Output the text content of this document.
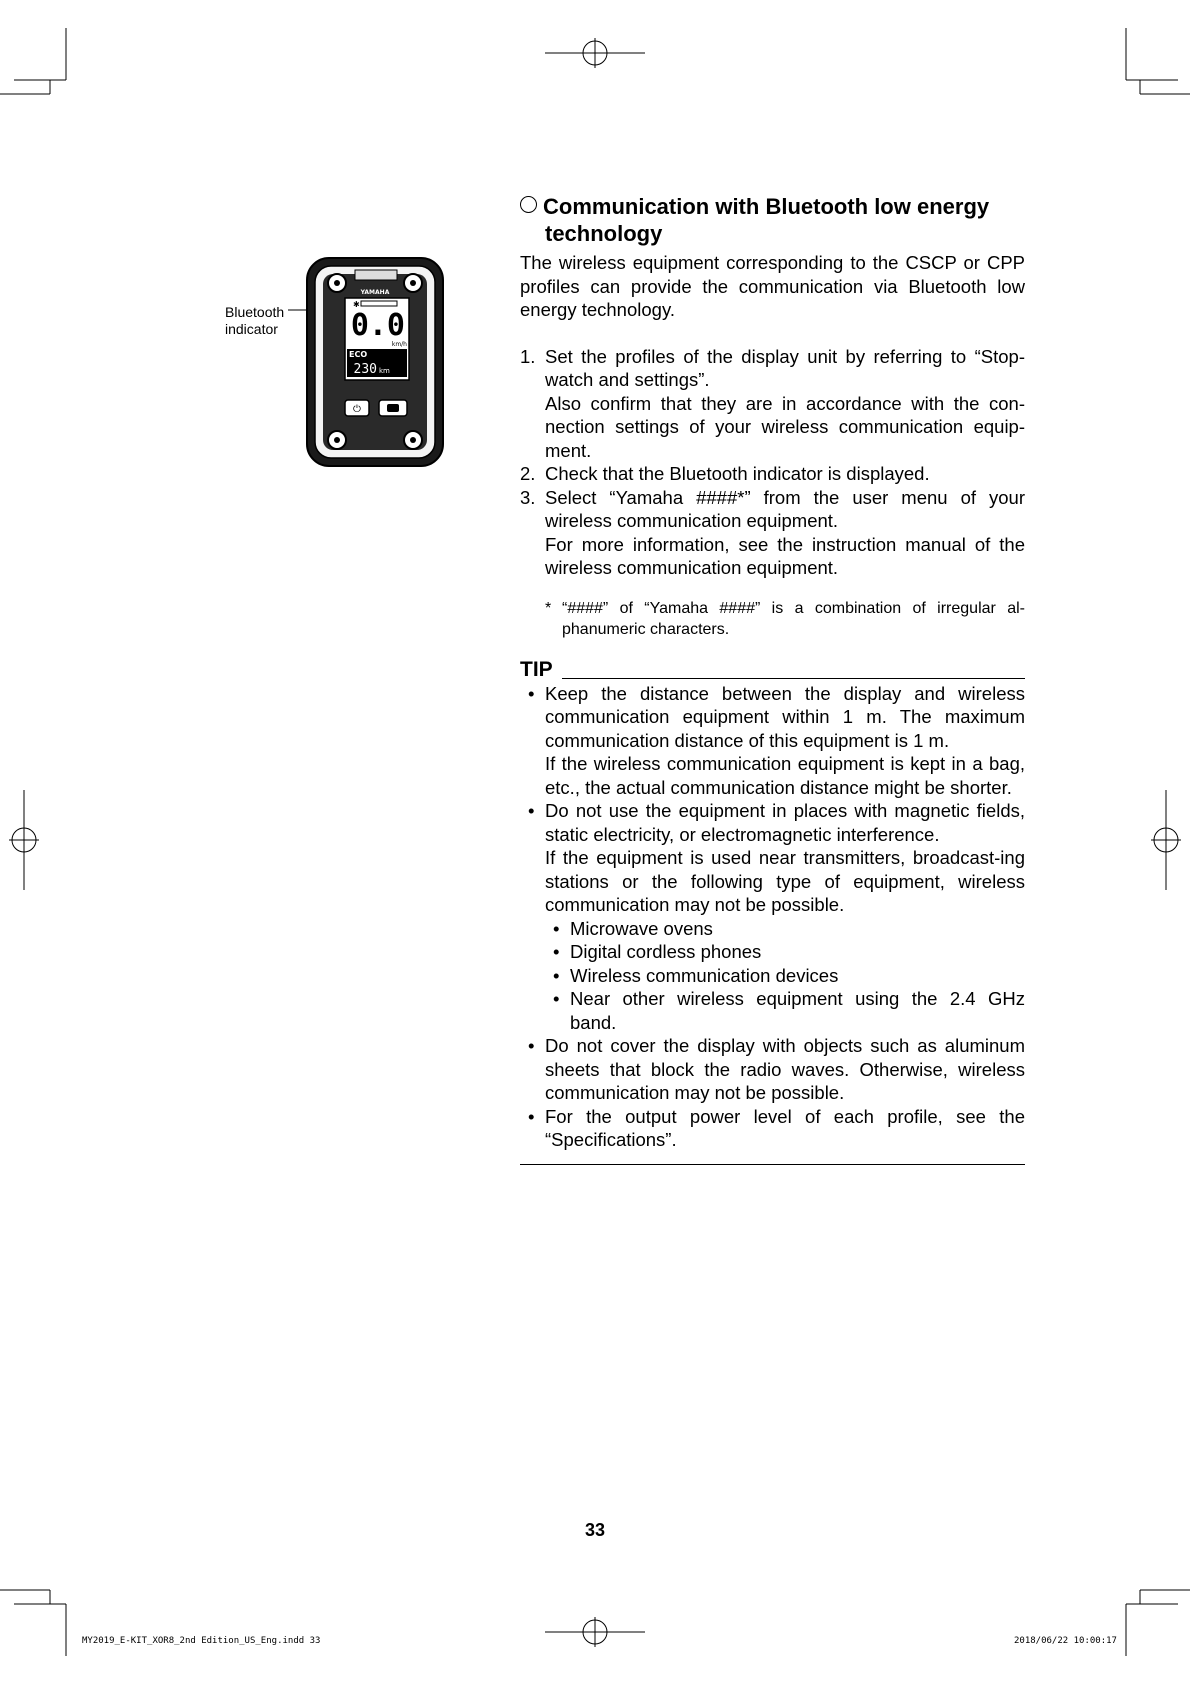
Bluetooth
indicator
YAMAHA
✱
0.0
km/h
ECO
230 km
⏻
Communication with Bluetooth low energy
technology

The wireless equipment corresponding to the CSCP or CPP profiles can provide the communication via Bluetooth low energy technology.

1. Set the profiles of the display unit by referring to “Stop-watch and settings”.

Also confirm that they are in accordance with the con-nection settings of your wireless communication equip-ment.

2. Check that the Bluetooth indicator is displayed.

3. Select “Yamaha ####*” from the user menu of your wireless communication equipment.

For more information, see the instruction manual of the wireless communication equipment.

* “####” of “Yamaha ####” is a combination of irregular al-phanumeric characters.

TIP
• Keep the distance between the display and wireless communication equipment within 1 m. The maximum communication distance of this equipment is 1 m.

If the wireless communication equipment is kept in a bag, etc., the actual communication distance might be shorter.

• Do not use the equipment in places with magnetic fields, static electricity, or electromagnetic interference.

If the equipment is used near transmitters, broadcast-ing stations or the following type of equipment, wireless communication may not be possible.

• Microwave ovens

• Digital cordless phones

• Wireless communication devices

• Near other wireless equipment using the 2.4 GHz band.

• Do not cover the display with objects such as aluminum sheets that block the radio waves. Otherwise, wireless communication may not be possible.

• For the output power level of each profile, see the “Specifications”.

33
MY2019_E-KIT_XOR8_2nd Edition_US_Eng.indd 33	2018/06/22 10:00:17
